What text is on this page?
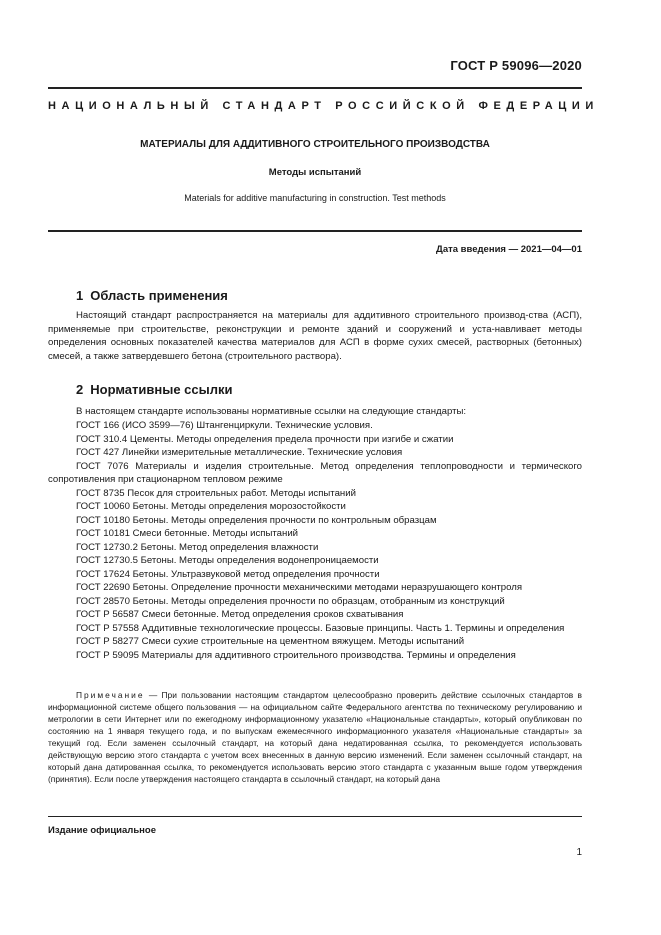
ГОСТ Р 59096—2020

НАЦИОНАЛЬНЫЙ СТАНДАРТ РОССИЙСКОЙ ФЕДЕРАЦИИ

МАТЕРИАЛЫ ДЛЯ АДДИТИВНОГО СТРОИТЕЛЬНОГО ПРОИЗВОДСТВА

Методы испытаний

Materials for additive manufacturing in construction. Test methods

Дата введения — 2021—04—01

1 Область применения

Настоящий стандарт распространяется на материалы для аддитивного строительного производ-ства (АСП), применяемые при строительстве, реконструкции и ремонте зданий и сооружений и уста-навливает методы определения основных показателей качества материалов для АСП в форме сухих смесей, растворных (бетонных) смесей, а также затвердевшего бетона (строительного раствора).

2 Нормативные ссылки

В настоящем стандарте использованы нормативные ссылки на следующие стандарты:

ГОСТ 166 (ИСО 3599—76) Штангенциркули. Технические условия.
ГОСТ 310.4 Цементы. Методы определения предела прочности при изгибе и сжатии
ГОСТ 427 Линейки измерительные металлические. Технические условия
ГОСТ 7076 Материалы и изделия строительные. Метод определения теплопроводности и термического сопротивления при стационарном тепловом режиме
ГОСТ 8735 Песок для строительных работ. Методы испытаний
ГОСТ 10060 Бетоны. Методы определения морозостойкости
ГОСТ 10180 Бетоны. Методы определения прочности по контрольным образцам
ГОСТ 10181 Смеси бетонные. Методы испытаний
ГОСТ 12730.2 Бетоны. Метод определения влажности
ГОСТ 12730.5 Бетоны. Методы определения водонепроницаемости
ГОСТ 17624 Бетоны. Ультразвуковой метод определения прочности
ГОСТ 22690 Бетоны. Определение прочности механическими методами неразрушающего контроля
ГОСТ 28570 Бетоны. Методы определения прочности по образцам, отобранным из конструкций
ГОСТ Р 56587 Смеси бетонные. Метод определения сроков схватывания
ГОСТ Р 57558 Аддитивные технологические процессы. Базовые принципы. Часть 1. Термины и определения
ГОСТ Р 58277 Смеси сухие строительные на цементном вяжущем. Методы испытаний
ГОСТ Р 59095 Материалы для аддитивного строительного производства. Термины и определения

Примечание — При пользовании настоящим стандартом целесообразно проверить действие ссылочных стандартов в информационной системе общего пользования — на официальном сайте Федерального агентства по техническому регулированию и метрологии в сети Интернет или по ежегодному информационному указателю «Национальные стандарты», который опубликован по состоянию на 1 января текущего года, и по выпускам ежемесячного информационного указателя «Национальные стандарты» за текущий год. Если заменен ссылочный стандарт, на который дана недатированная ссылка, то рекомендуется использовать действующую версию этого стандарта с учетом всех внесенных в данную версию изменений. Если заменен ссылочный стандарт, на который дана датированная ссылка, то рекомендуется использовать версию этого стандарта с указанным выше годом утверждения (принятия). Если после утверждения настоящего стандарта в ссылочный стандарт, на который дана

Издание официальное

1
